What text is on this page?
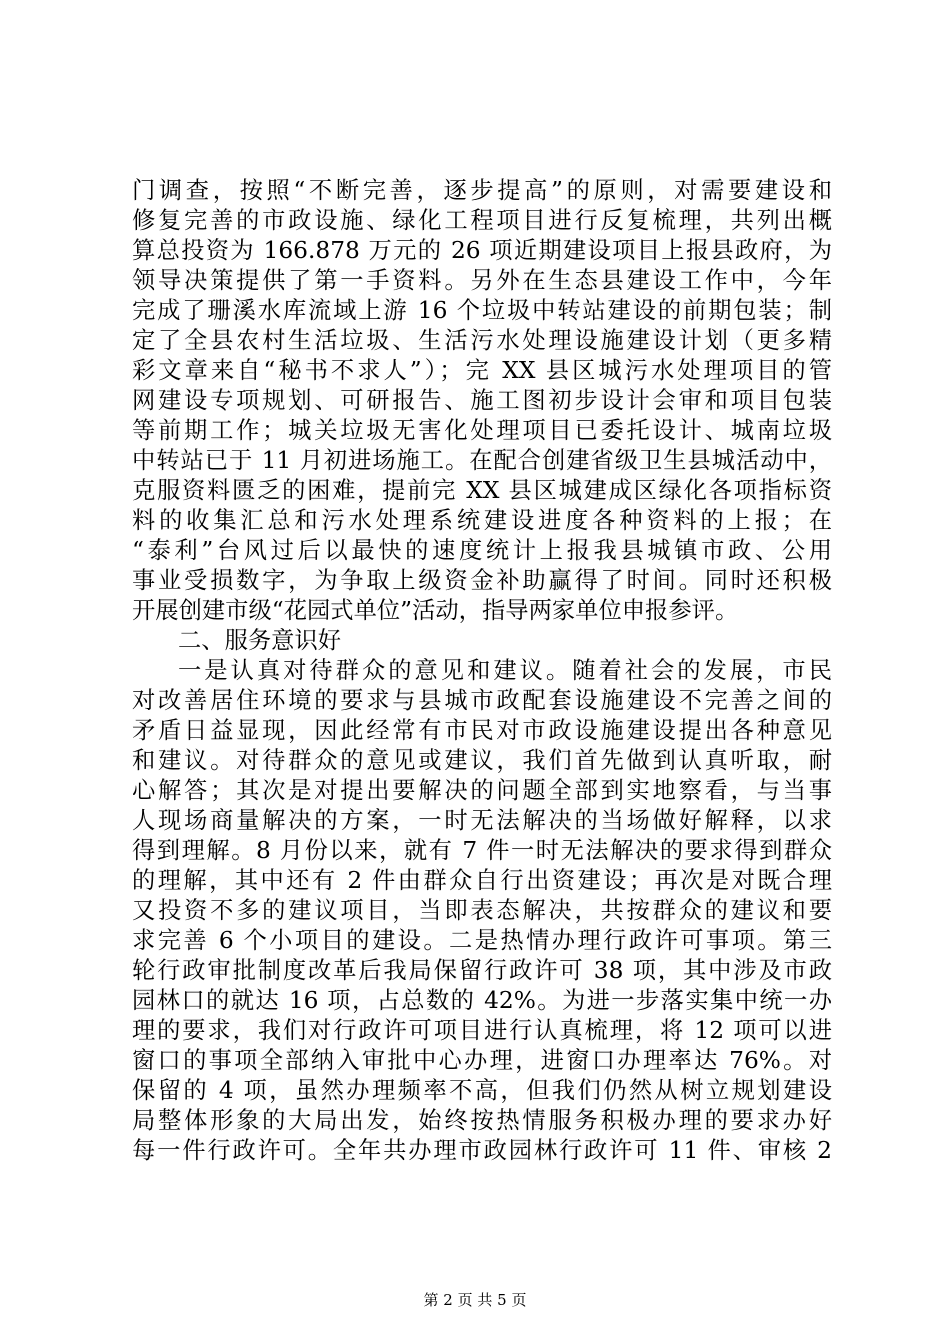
门调查，按照“不断完善，逐步提高”的原则，对需要建设和
修复完善的市政设施、绿化工程项目进行反复梳理，共列出概
算总投资为 166.878 万元的 26 项近期建设项目上报县政府，为
领导决策提供了第一手资料。另外在生态县建设工作中，今年
完成了珊溪水库流域上游 16 个垃圾中转站建设的前期包装；制
定了全县农村生活垃圾、生活污水处理设施建设计划（更多精
彩文章来自“秘书不求人”）；完 XX 县区城污水处理项目的管
网建设专项规划、可研报告、施工图初步设计会审和项目包装
等前期工作；城关垃圾无害化处理项目已委托设计、城南垃圾
中转站已于 11 月初进场施工。在配合创建省级卫生县城活动中，
克服资料匮乏的困难，提前完 XX 县区城建成区绿化各项指标资
料的收集汇总和污水处理系统建设进度各种资料的上报；在
“泰利”台风过后以最快的速度统计上报我县城镇市政、公用
事业受损数字，为争取上级资金补助赢得了时间。同时还积极
开展创建市级“花园式单位”活动，指导两家单位申报参评。
二、服务意识好
一是认真对待群众的意见和建议。随着社会的发展，市民
对改善居住环境的要求与县城市政配套设施建设不完善之间的
矛盾日益显现，因此经常有市民对市政设施建设提出各种意见
和建议。对待群众的意见或建议，我们首先做到认真听取，耐
心解答；其次是对提出要解决的问题全部到实地察看，与当事
人现场商量解决的方案，一时无法解决的当场做好解释，以求
得到理解。8 月份以来，就有 7 件一时无法解决的要求得到群众
的理解，其中还有 2 件由群众自行出资建设；再次是对既合理
又投资不多的建议项目，当即表态解决，共按群众的建议和要
求完善 6 个小项目的建设。二是热情办理行政许可事项。第三
轮行政审批制度改革后我局保留行政许可 38 项，其中涉及市政
园林口的就达 16 项，占总数的 42%。为进一步落实集中统一办
理的要求，我们对行政许可项目进行认真梳理，将 12 项可以进
窗口的事项全部纳入审批中心办理，进窗口办理率达 76%。对
保留的 4 项，虽然办理频率不高，但我们仍然从树立规划建设
局整体形象的大局出发，始终按热情服务积极办理的要求办好
每一件行政许可。全年共办理市政园林行政许可 11 件、审核 2
第 2 页 共 5 页
